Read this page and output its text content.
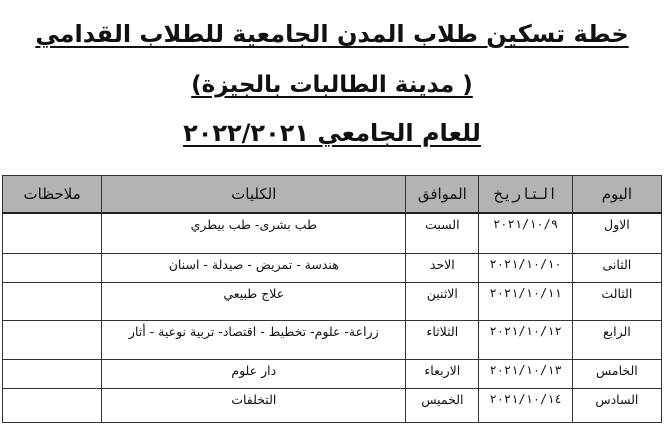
خطة تسكين طلاب المدن الجامعية للطلاب القدامي
( مدينة الطالبات بالجيزة)
للعام الجامعي ٢٠٢٢/٢٠٢١
اليوم	التاريخ	الموافق	الكليات	ملاحظات
الاول	٢٠٢١/١٠/٩	السبت	طب بشرى- طب بيطري	
الثانى	٢٠٢١/١٠/١٠	الاحد	هندسة - تمريض - صيدلة - اسنان	
الثالث	٢٠٢١/١٠/١١	الاثنين	علاج طبيعي	
الرابع	٢٠٢١/١٠/١٢	الثلاثاء	زراعة- علوم- تخطيط - اقتصاد- تربية نوعية - أثار	
الخامس	٢٠٢١/١٠/١٣	الاربعاء	دار علوم	
السادس	٢٠٢١/١٠/١٤	الخميس	التخلفات	
